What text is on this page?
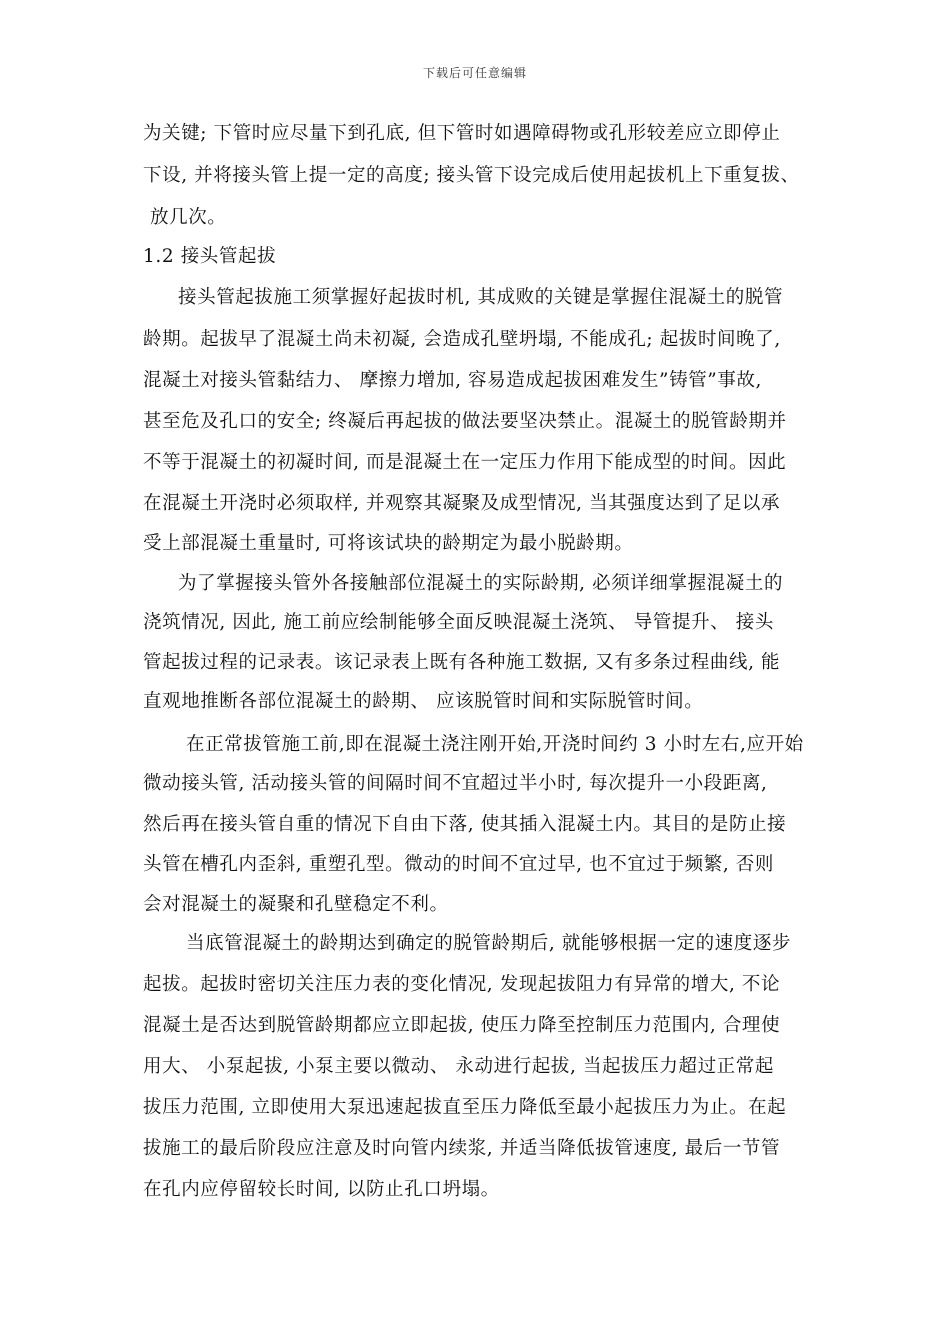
下载后可任意编辑
为关键; 下管时应尽量下到孔底, 但下管时如遇障碍物或孔形较差应立即停止
下设, 并将接头管上提一定的高度; 接头管下设完成后使用起拔机上下重复拔、
放几次。
1.2 接头管起拔
接头管起拔施工须掌握好起拔时机, 其成败的关键是掌握住混凝土的脱管
龄期。起拔早了混凝土尚未初凝, 会造成孔壁坍塌, 不能成孔; 起拔时间晚了,
混凝土对接头管黏结力、 摩擦力增加, 容易造成起拔困难发生”铸管”事故,
甚至危及孔口的安全; 终凝后再起拔的做法要坚决禁止。混凝土的脱管龄期并
不等于混凝土的初凝时间, 而是混凝土在一定压力作用下能成型的时间。因此
在混凝土开浇时必须取样, 并观察其凝聚及成型情况, 当其强度达到了足以承
受上部混凝土重量时, 可将该试块的龄期定为最小脱龄期。
为了掌握接头管外各接触部位混凝土的实际龄期, 必须详细掌握混凝土的
浇筑情况, 因此, 施工前应绘制能够全面反映混凝土浇筑、 导管提升、 接头
管起拔过程的记录表。该记录表上既有各种施工数据, 又有多条过程曲线, 能
直观地推断各部位混凝土的龄期、 应该脱管时间和实际脱管时间。
在正常拔管施工前,即在混凝土浇注刚开始,开浇时间约 3 小时左右,应开始
微动接头管, 活动接头管的间隔时间不宜超过半小时, 每次提升一小段距离,
然后再在接头管自重的情况下自由下落, 使其插入混凝土内。其目的是防止接
头管在槽孔内歪斜, 重塑孔型。微动的时间不宜过早, 也不宜过于频繁, 否则
会对混凝土的凝聚和孔壁稳定不利。
当底管混凝土的龄期达到确定的脱管龄期后, 就能够根据一定的速度逐步
起拔。起拔时密切关注压力表的变化情况, 发现起拔阻力有异常的增大, 不论
混凝土是否达到脱管龄期都应立即起拔, 使压力降至控制压力范围内, 合理使
用大、 小泵起拔, 小泵主要以微动、 永动进行起拔, 当起拔压力超过正常起
拔压力范围, 立即使用大泵迅速起拔直至压力降低至最小起拔压力为止。在起
拔施工的最后阶段应注意及时向管内续浆, 并适当降低拔管速度, 最后一节管
在孔内应停留较长时间, 以防止孔口坍塌。
